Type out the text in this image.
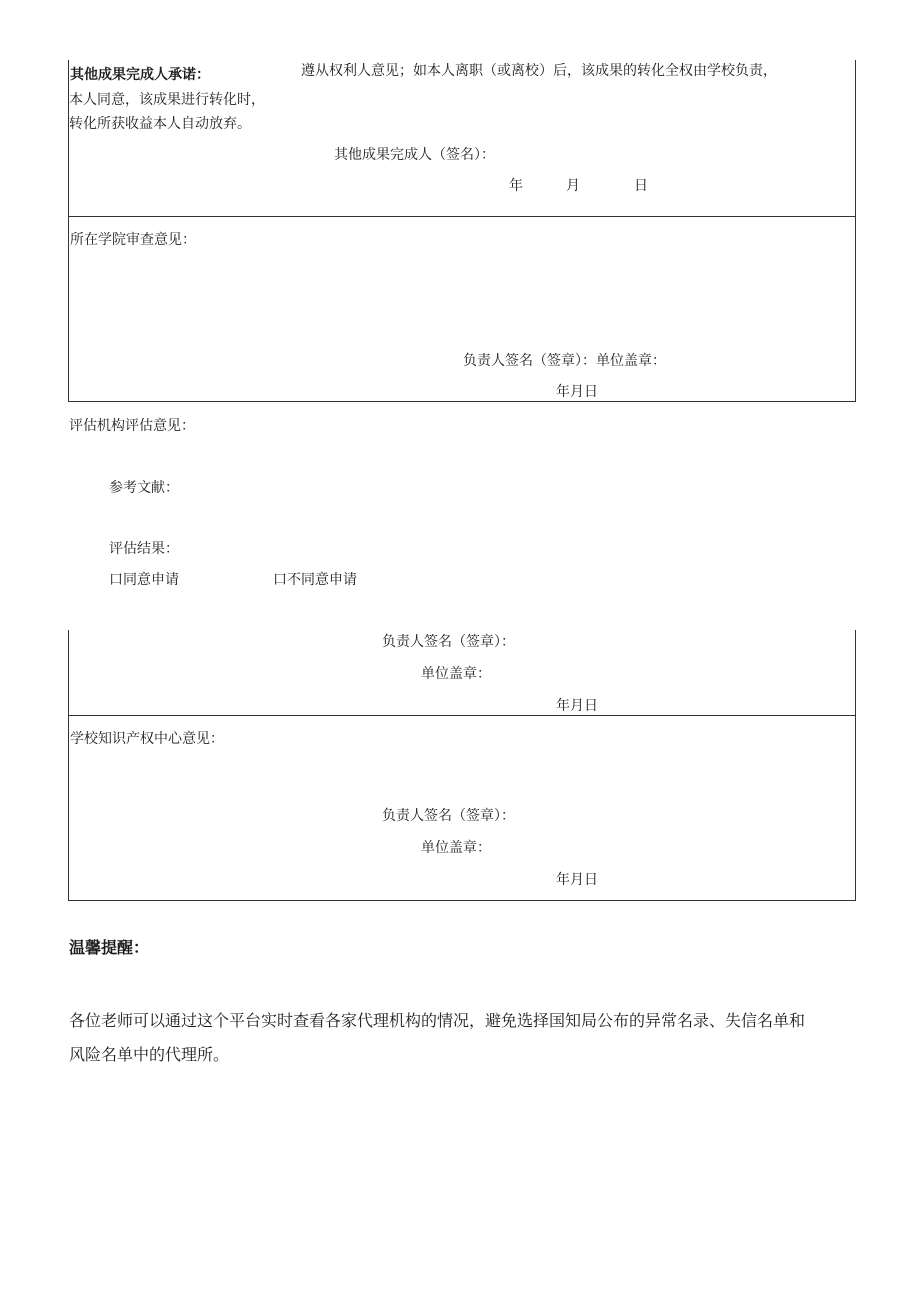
其他成果完成人承诺：	遵从权利人意见；如本人离职（或离校）后，该成果的转化全权由学校负责，
本人同意，该成果进行转化时，
转化所获收益本人自动放弃。
其他成果完成人（签名）：
年	月	日
所在学院审查意见：
负责人签名（签章）：单位盖章：
年月日
评估机构评估意见：
参考文献：
评估结果：
口同意申请	口不同意申请
负责人签名（签章）：
单位盖章：
年月日
学校知识产权中心意见：
负责人签名（签章）：
单位盖章：
年月日
温馨提醒：
各位老师可以通过这个平台实时查看各家代理机构的情况，避免选择国知局公布的异常名录、失信名单和
风险名单中的代理所。
